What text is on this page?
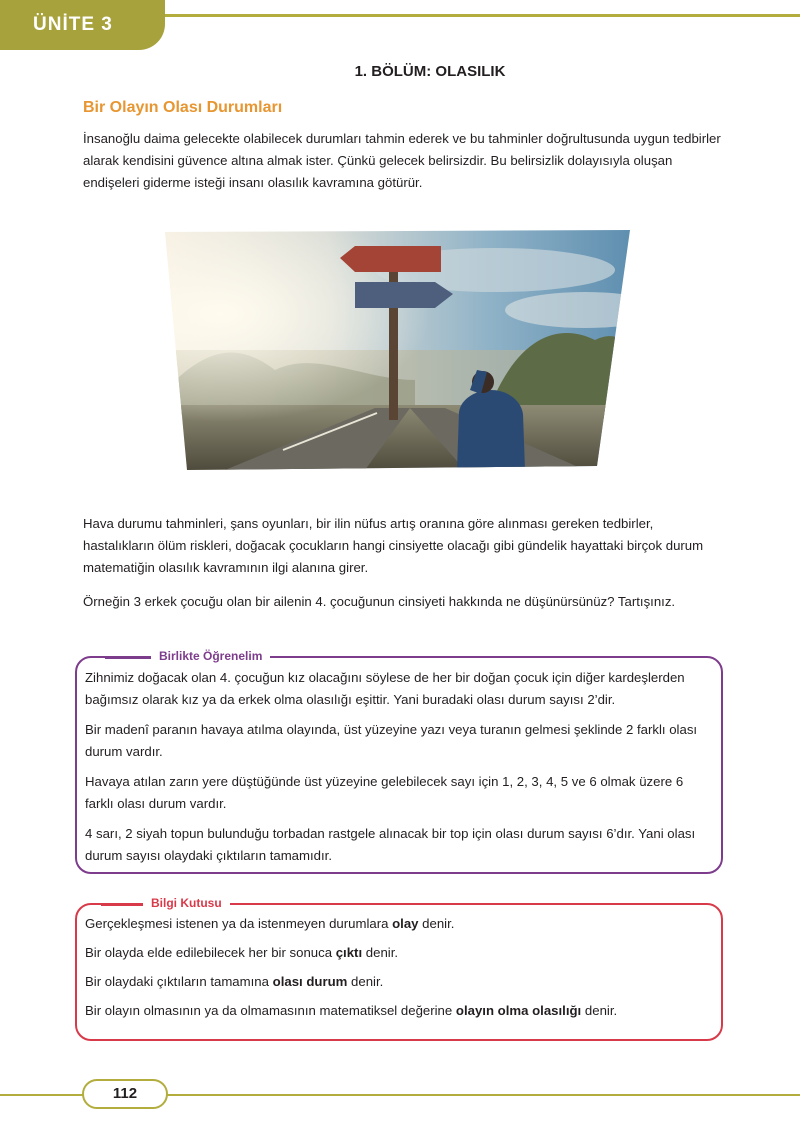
ÜNİTE 3
1. BÖLÜM: OLASILIK
Bir Olayın Olası Durumları

İnsanoğlu daima gelecekte olabilecek durumları tahmin ederek ve bu tahminler doğrultusunda uygun tedbirler alarak kendisini güvence altına almak ister. Çünkü gelecek belirsizdir. Bu belirsizlik dolayısıyla oluşan endişeleri giderme isteği insanı olasılık kavramına götürür.

Hava durumu tahminleri, şans oyunları, bir ilin nüfus artış oranına göre alınması gereken tedbirler, hastalıkların ölüm riskleri, doğacak çocukların hangi cinsiyette olacağı gibi gündelik hayattaki birçok durum matematiğin olasılık kavramının ilgi alanına girer.

Örneğin 3 erkek çocuğu olan bir ailenin 4. çocuğunun cinsiyeti hakkında ne düşünürsünüz? Tartışınız.

Birlikte Öğrenelim

Zihnimiz doğacak olan 4. çocuğun kız olacağını söylese de her bir doğan çocuk için diğer kardeşlerden bağımsız olarak kız ya da erkek olma olasılığı eşittir. Yani buradaki olası durum sayısı 2’dir.

Bir madenî paranın havaya atılma olayında, üst yüzeyine yazı veya turanın gelmesi şeklinde 2 farklı olası durum vardır.

Havaya atılan zarın yere düştüğünde üst yüzeyine gelebilecek sayı için 1, 2, 3, 4, 5 ve 6 olmak üzere 6 farklı olası durum vardır.

4 sarı, 2 siyah topun bulunduğu torbadan rastgele alınacak bir top için olası durum sayısı 6’dır. Yani olası durum sayısı olaydaki çıktıların tamamıdır.

Bilgi Kutusu

Gerçekleşmesi istenen ya da istenmeyen durumlara olay denir.

Bir olayda elde edilebilecek her bir sonuca çıktı denir.

Bir olaydaki çıktıların tamamına olası durum denir.

Bir olayın olmasının ya da olmamasının matematiksel değerine olayın olma olasılığı denir.

112
